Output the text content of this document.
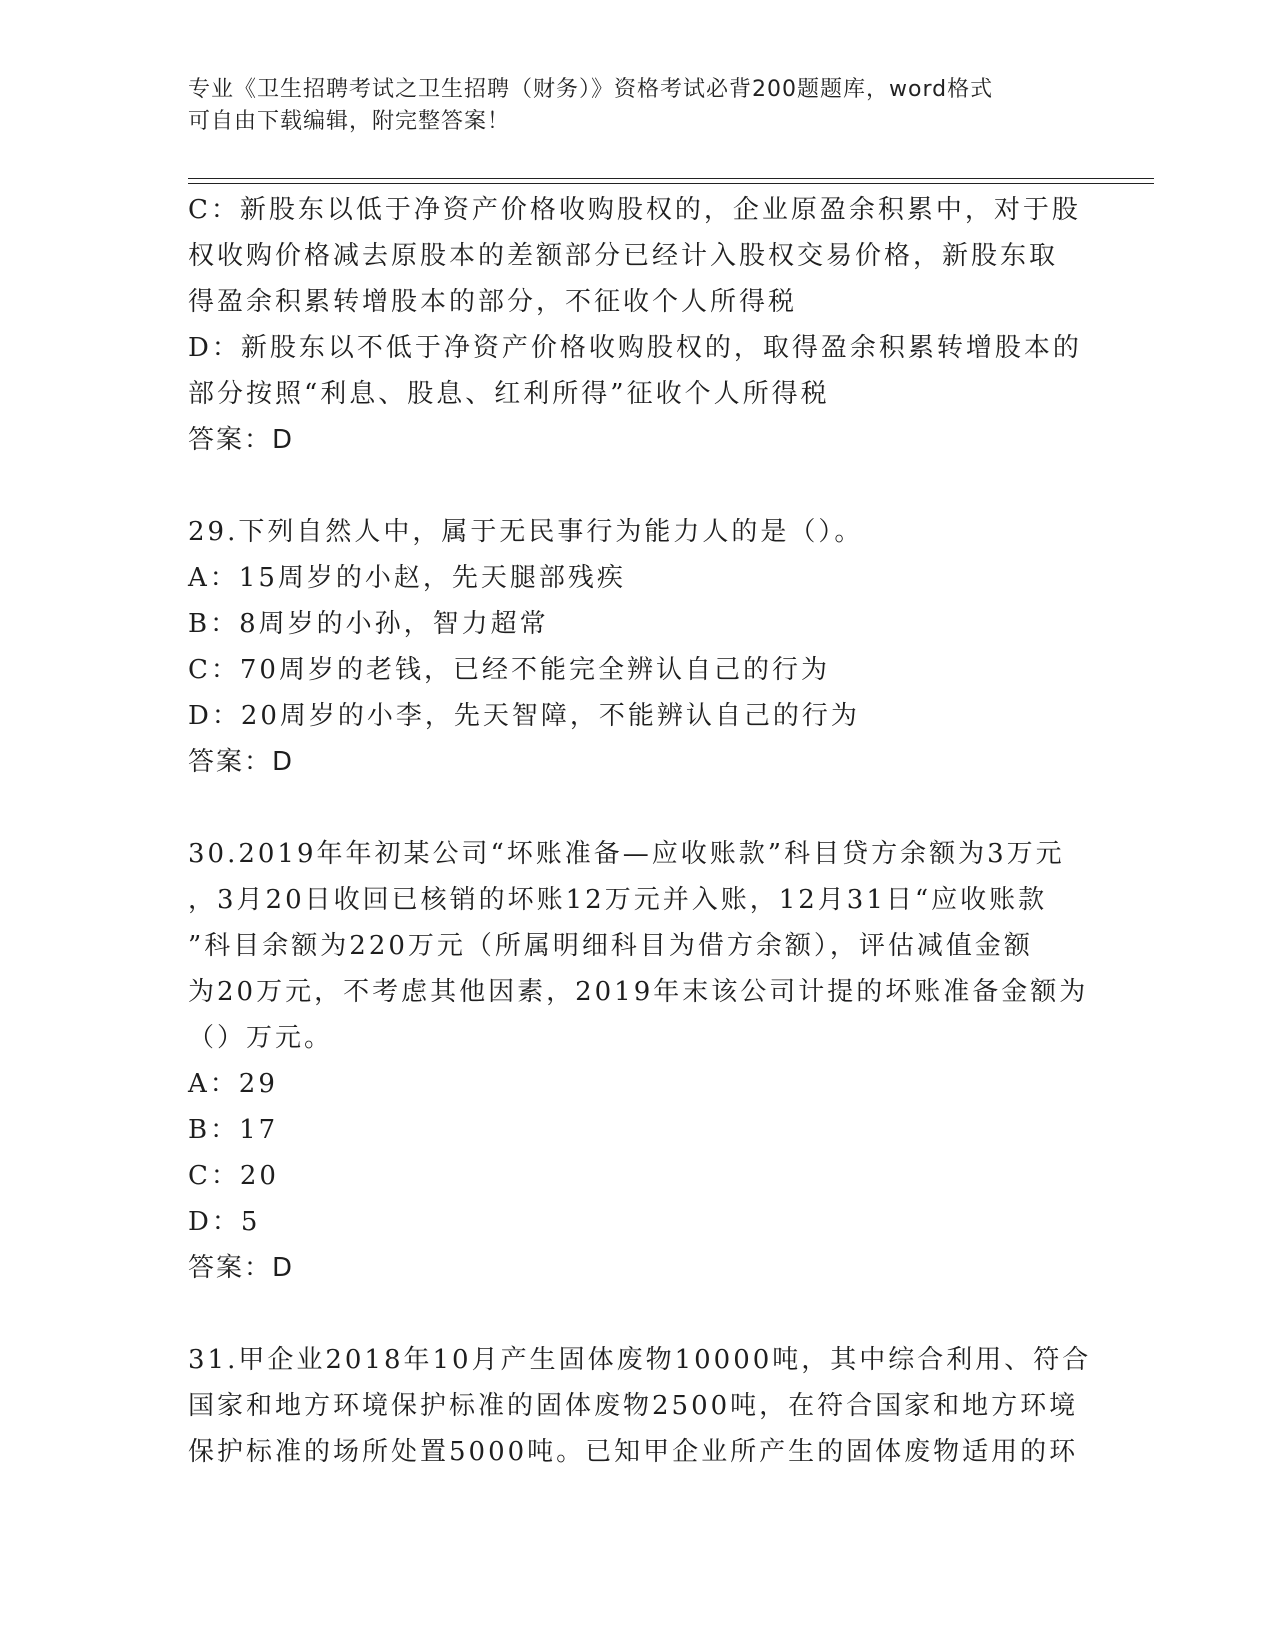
专业《卫生招聘考试之卫生招聘（财务）》资格考试必背200题题库，word格式
可自由下载编辑，附完整答案！
C：新股东以低于净资产价格收购股权的，企业原盈余积累中，对于股
权收购价格减去原股本的差额部分已经计入股权交易价格，新股东取
得盈余积累转增股本的部分，不征收个人所得税
D：新股东以不低于净资产价格收购股权的，取得盈余积累转增股本的
部分按照“利息、股息、红利所得”征收个人所得税
答案：D
29.下列自然人中，属于无民事行为能力人的是（）。
A：15周岁的小赵，先天腿部残疾
B：8周岁的小孙，智力超常
C：70周岁的老钱，已经不能完全辨认自己的行为
D：20周岁的小李，先天智障，不能辨认自己的行为
答案：D
30.2019年年初某公司“坏账准备—应收账款”科目贷方余额为3万元
，3月20日收回已核销的坏账12万元并入账，12月31日“应收账款
”科目余额为220万元（所属明细科目为借方余额），评估减值金额
为20万元，不考虑其他因素，2019年末该公司计提的坏账准备金额为
（）万元。
A：29
B：17
C：20
D：5
答案：D
31.甲企业2018年10月产生固体废物10000吨，其中综合利用、符合
国家和地方环境保护标准的固体废物2500吨，在符合国家和地方环境
保护标准的场所处置5000吨。已知甲企业所产生的固体废物适用的环
